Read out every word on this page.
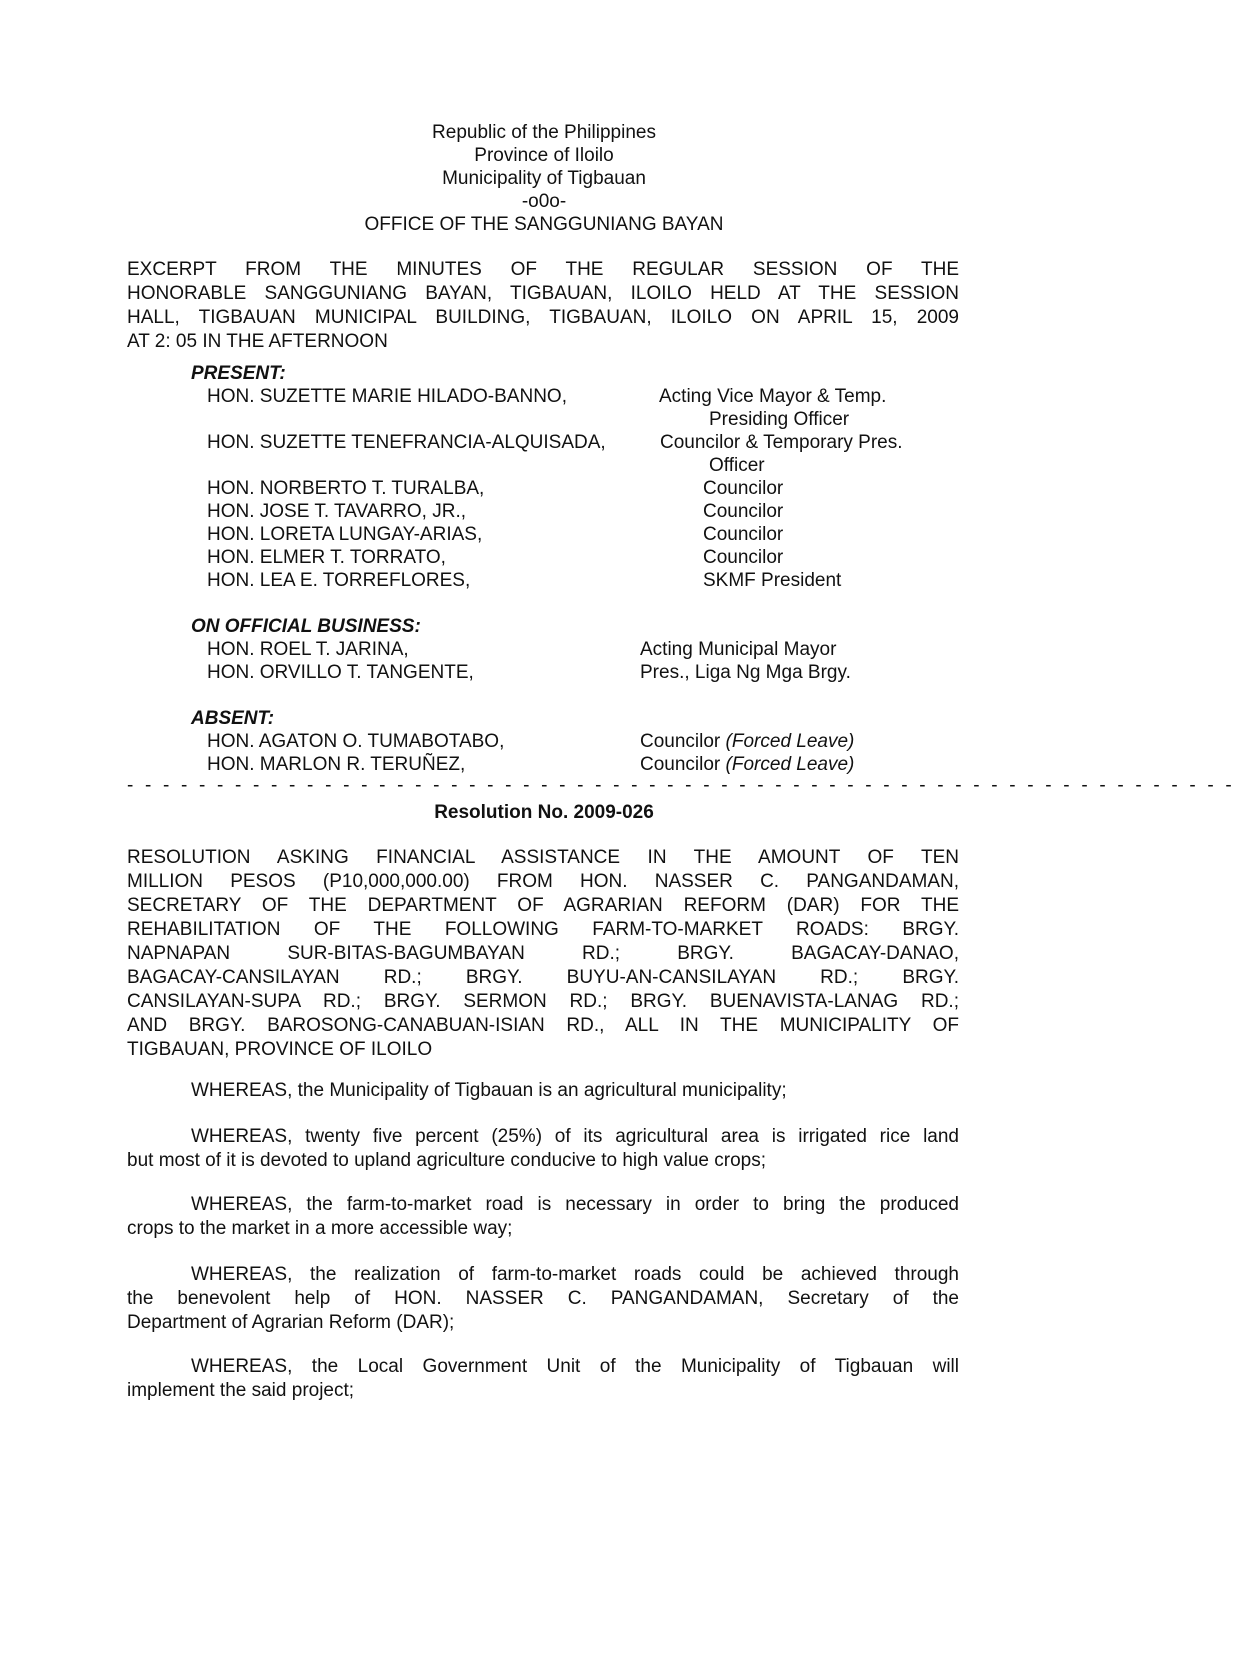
Republic of the Philippines
Province of Iloilo
Municipality of Tigbauan
-o0o-
OFFICE OF THE SANGGUNIANG BAYAN
EXCERPT FROM THE MINUTES OF THE REGULAR SESSION OF THE
HONORABLE SANGGUNIANG BAYAN, TIGBAUAN, ILOILO HELD AT THE SESSION
HALL, TIGBAUAN MUNICIPAL BUILDING, TIGBAUAN, ILOILO ON APRIL 15, 2009
AT 2: 05 IN THE AFTERNOON
PRESENT:
HON. SUZETTE MARIE HILADO-BANNO,	Acting Vice Mayor & Temp.
Presiding Officer
HON. SUZETTE TENEFRANCIA-ALQUISADA,	Councilor & Temporary Pres.
Officer
HON. NORBERTO T. TURALBA,	Councilor
HON. JOSE T. TAVARRO, JR.,	Councilor
HON. LORETA LUNGAY-ARIAS,	Councilor
HON. ELMER T. TORRATO,	Councilor
HON. LEA E. TORREFLORES,	SKMF President
ON OFFICIAL BUSINESS:
HON. ROEL T. JARINA,	Acting Municipal Mayor
HON. ORVILLO T. TANGENTE,	Pres., Liga Ng Mga Brgy.
ABSENT:
HON. AGATON O. TUMABOTABO,	Councilor (Forced Leave)
HON. MARLON R. TERUÑEZ,	Councilor (Forced Leave)
- - - - - - - - - - - - - - - - - - - - - - - - - - - - - - - - - - - - - - - - - - - - - - - - - - - - - - - - - - - - - -
Resolution No. 2009-026
RESOLUTION ASKING FINANCIAL ASSISTANCE IN THE AMOUNT OF TEN
MILLION PESOS (P10,000,000.00) FROM HON. NASSER C. PANGANDAMAN,
SECRETARY OF THE DEPARTMENT OF AGRARIAN REFORM (DAR) FOR THE
REHABILITATION OF THE FOLLOWING FARM-TO-MARKET ROADS: BRGY.
NAPNAPAN SUR-BITAS-BAGUMBAYAN RD.; BRGY. BAGACAY-DANAO,
BAGACAY-CANSILAYAN RD.; BRGY. BUYU-AN-CANSILAYAN RD.; BRGY.
CANSILAYAN-SUPA RD.; BRGY. SERMON RD.; BRGY. BUENAVISTA-LANAG RD.;
AND BRGY. BAROSONG-CANABUAN-ISIAN RD., ALL IN THE MUNICIPALITY OF
TIGBAUAN, PROVINCE OF ILOILO
WHEREAS, the Municipality of Tigbauan is an agricultural municipality;
WHEREAS, twenty five percent (25%) of its agricultural area is irrigated rice land
but most of it is devoted to upland agriculture conducive to high value crops;
WHEREAS, the farm-to-market road is necessary in order to bring the produced
crops to the market in a more accessible way;
WHEREAS, the realization of farm-to-market roads could be achieved through
the benevolent help of HON. NASSER C. PANGANDAMAN, Secretary of the
Department of Agrarian Reform (DAR);
WHEREAS, the Local Government Unit of the Municipality of Tigbauan will
implement the said project;
